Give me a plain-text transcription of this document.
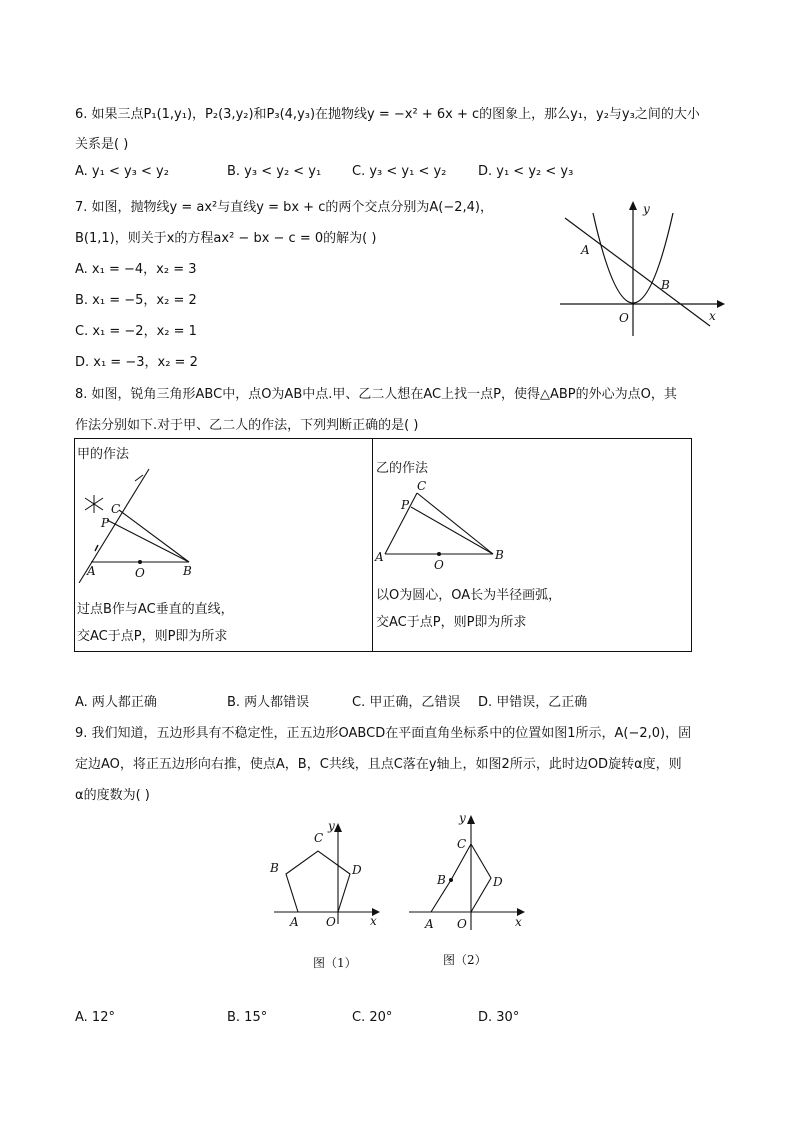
6. 如果三点P₁(1,y₁)，P₂(3,y₂)和P₃(4,y₃)在抛物线y = −x² + 6x + c的图象上，那么y₁，y₂与y₃之间的大小
关系是( )
A. y₁ < y₃ < y₂	B. y₃ < y₂ < y₁ C. y₃ < y₁ < y₂ D. y₁ < y₂ < y₃
7. 如图，抛物线y = ax²与直线y = bx + c的两个交点分别为A(−2,4)，
B(1,1)，则关于x的方程ax² − bx − c = 0的解为( )
A. x₁ = −4，x₂ = 3
B. x₁ = −5，x₂ = 2
C. x₁ = −2，x₂ = 1
D. x₁ = −3，x₂ = 2
y
x
A
B
O
8. 如图，锐角三角形ABC中，点O为AB中点.甲、乙二人想在AC上找一点P，使得△ABP的外心为点O，其
作法分别如下.对于甲、乙二人的作法，下列判断正确的是( )
甲的作法
C
P
A	O	B
过点B作与AC垂直的直线，
交AC于点P，则P即为所求
乙的作法
C
P
A
O
B
以O为圆心，OA长为半径画弧，
交AC于点P，则P即为所求
A. 两人都正确	B. 两人都错误	C. 甲正确，乙错误 D. 甲错误，乙正确
9. 我们知道，五边形具有不稳定性，正五边形OABCD在平面直角坐标系中的位置如图1所示，A(−2,0)，固
定边AO，将正五边形向右推，使点A，B，C共线，且点C落在y轴上，如图2所示，此时边OD旋转α度，则
α的度数为( )
y
x
A O
D
C
B
图（1）
y
x
C
B	D
A O
图（2）
A. 12°	B. 15°	C. 20°	D. 30°
